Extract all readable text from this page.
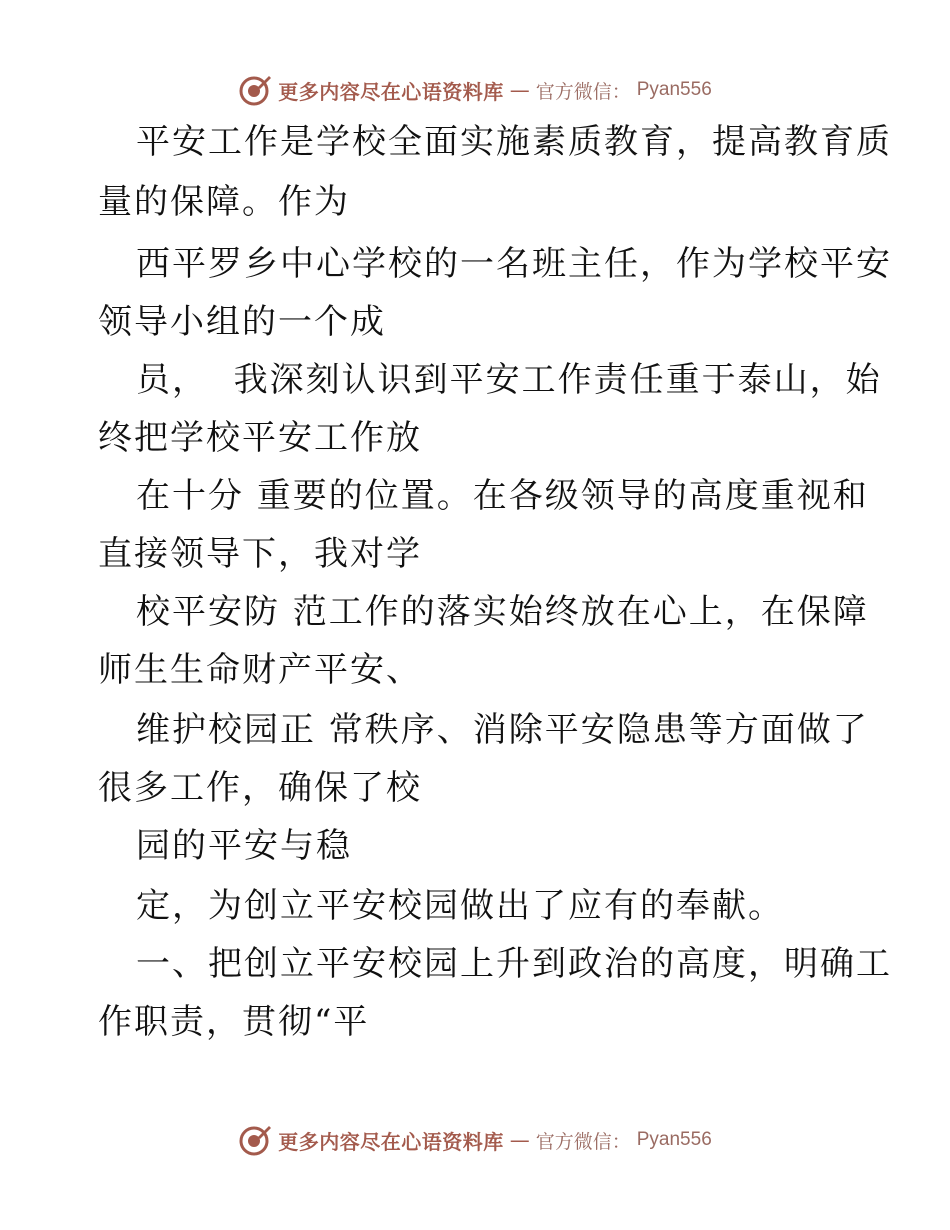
更多内容尽在心语资料库 — 官方微信： Pyan556
平安工作是学校全面实施素质教育，提高教育质
量的保障。作为
西平罗乡中心学校的一名班主任，作为学校平安
领导小组的一个成
员，  我深刻认识到平安工作责任重于泰山，始
终把学校平安工作放
在十分 重要的位置。在各级领导的高度重视和
直接领导下，我对学
校平安防 范工作的落实始终放在心上，在保障
师生生命财产平安、
维护校园正 常秩序、消除平安隐患等方面做了
很多工作，确保了校
园的平安与稳
定，为创立平安校园做出了应有的奉献。
一、把创立平安校园上升到政治的高度，明确工
作职责，贯彻“平
更多内容尽在心语资料库 — 官方微信： Pyan556
